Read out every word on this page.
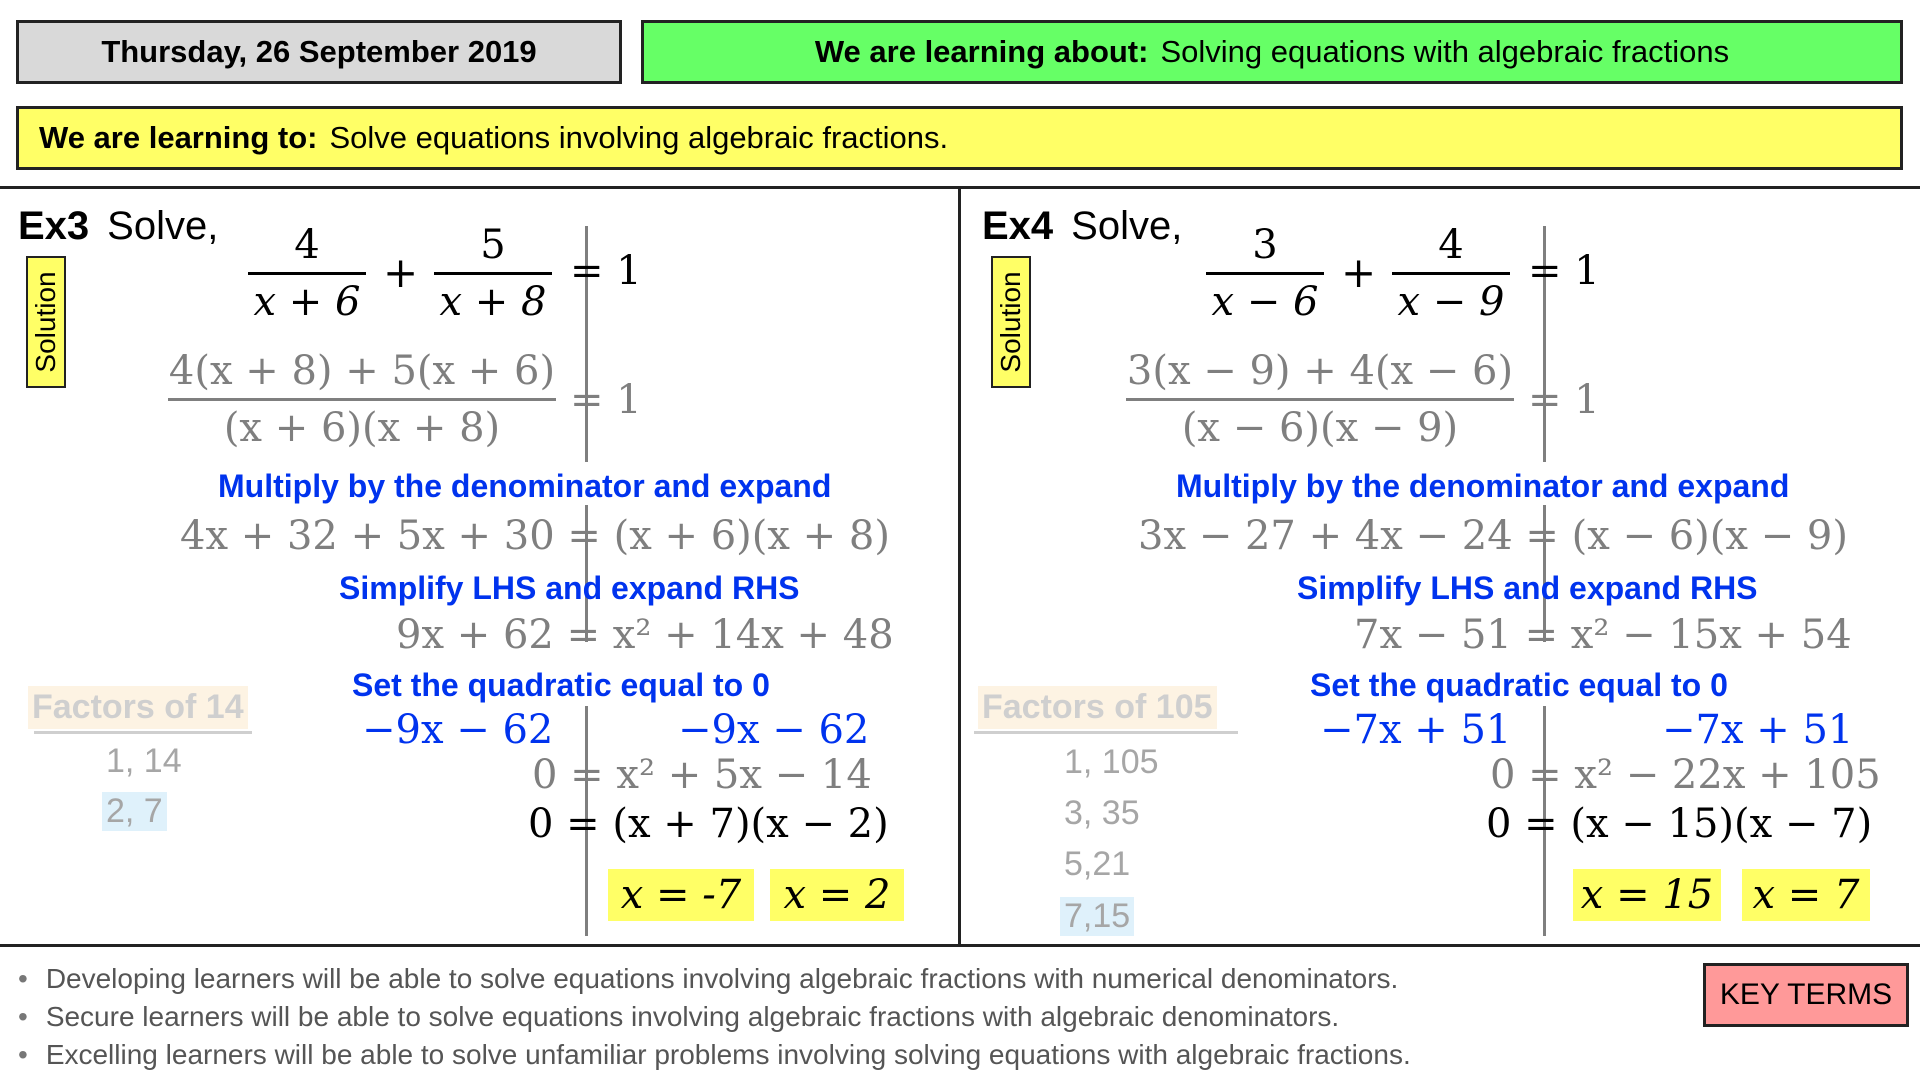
Thursday, 26 September 2019	We are learning about: Solving equations with algebraic fractions
We are learning to: Solve equations involving algebraic fractions.
Ex3 Solve,
Solution
4
x + 6
+
5
x + 8
= 1
4(x + 8) + 5(x + 6)
(x + 6)(x + 8)
= 1
Multiply by the denominator and expand
4x + 32 + 5x + 30 = (x + 6)(x + 8)
Simplify LHS and expand RHS
9x + 62 = x² + 14x + 48
Set the quadratic equal to 0
−9x − 62	−9x − 62
0 = x² + 5x − 14
0 = (x + 7)(x − 2)
x = -7	x = 2
Factors of 14
1, 14
2, 7
Ex4 Solve,
Solution
3
x − 6
+
4
x − 9
= 1
3(x − 9) + 4(x − 6)
(x − 6)(x − 9)
= 1
Multiply by the denominator and expand
3x − 27 + 4x − 24 = (x − 6)(x − 9)
Simplify LHS and expand RHS
7x − 51 = x² − 15x + 54
Set the quadratic equal to 0
−7x + 51	−7x + 51
0 = x² − 22x + 105
0 = (x − 15)(x − 7)
x = 15 x = 7
Factors of 105
1, 105
3, 35
5,21
7,15
• Developing learners will be able to solve equations involving algebraic fractions with numerical denominators.
• Secure learners will be able to solve equations involving algebraic fractions with algebraic denominators.
• Excelling learners will be able to solve unfamiliar problems involving solving equations with algebraic fractions.
KEY TERMS
